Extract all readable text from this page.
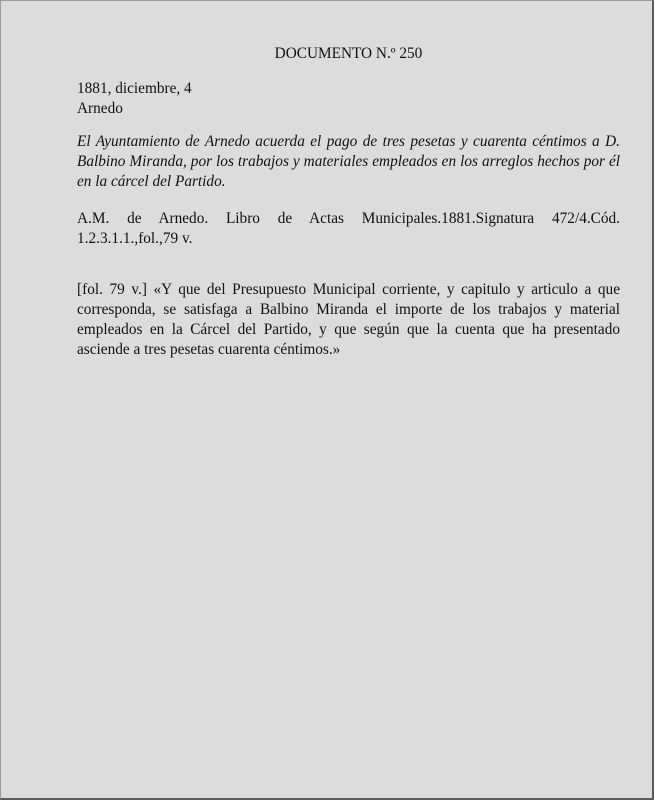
DOCUMENTO N.º 250

1881, diciembre, 4

Arnedo

El Ayuntamiento de Arnedo acuerda el pago de tres pesetas y cuarenta céntimos a D. Balbino Miranda, por los trabajos y materiales empleados en los arreglos hechos por él en la cárcel del Partido.

A.M. de Arnedo. Libro de Actas Municipales.1881.Signatura 472/4.Cód. 1.2.3.1.1.,fol.,79 v.

[fol. 79 v.] «Y que del Presupuesto Municipal corriente, y capitulo y articulo a que corresponda, se satisfaga a Balbino Miranda el importe de los trabajos y material empleados en la Cárcel del Partido, y que según que la cuenta que ha presentado asciende a tres pesetas cuarenta céntimos.»
